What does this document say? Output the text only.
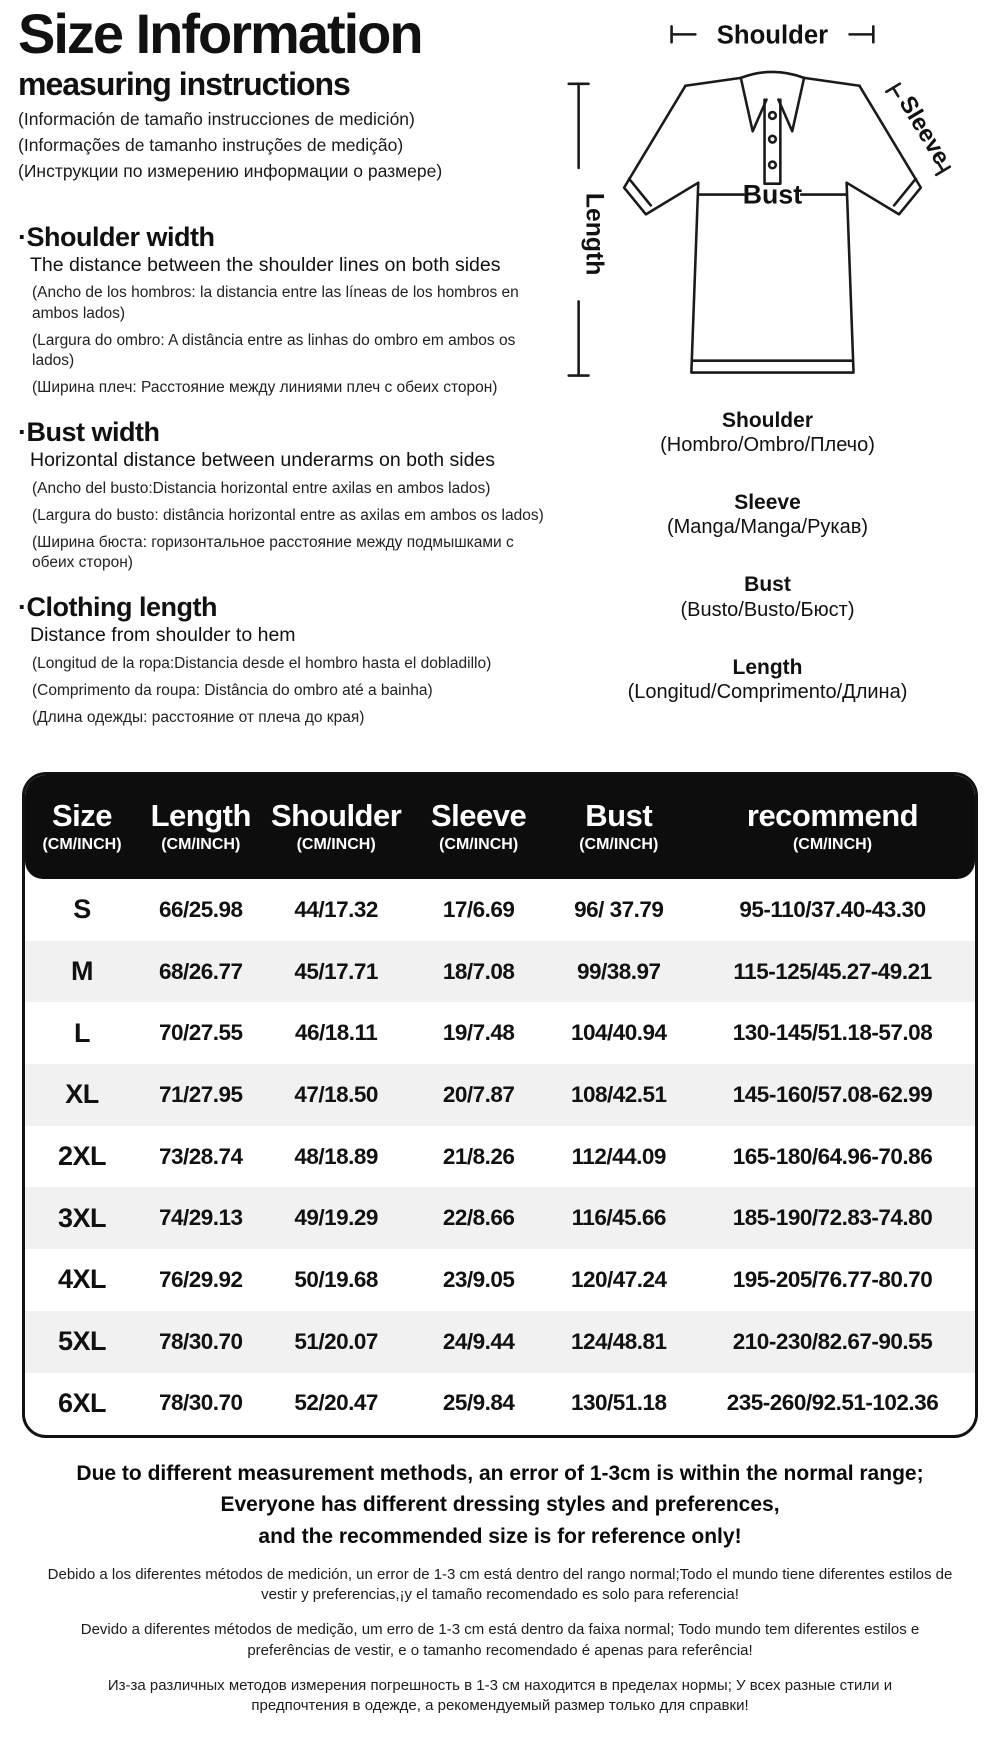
Size Information
measuring instructions

(Información de tamaño instrucciones de medición)

(Informações de tamanho instruções de medição)

(Инструкции по измерению информации о размере)

·Shoulder width
The distance between the shoulder lines on both sides

(Ancho de los hombros: la distancia entre las líneas de los hombros en ambos lados)

(Largura do ombro: A distância entre as linhas do ombro em ambos os lados)

(Ширина плеч: Расстояние между линиями плеч с обеих сторон)

·Bust width
Horizontal distance between underarms on both sides

(Ancho del busto:Distancia horizontal entre axilas en ambos lados)

(Largura do busto: distância horizontal entre as axilas em ambos os lados)

(Ширина бюста: горизонтальное расстояние между подмышками с обеих сторон)

·Clothing length
Distance from shoulder to hem

(Longitud de la ropa:Distancia desde el hombro hasta el dobladillo)

(Comprimento da roupa: Distância do ombro até a bainha)

(Длина одежды: расстояние от плеча до края)

Shoulder
Bust
Sleeve
Length
Shoulder
(Hombro/Ombro/Плечо)
Sleeve
(Manga/Manga/Рукав)
Bust
(Busto/Busto/Бюст)
Length
(Longitud/Comprimento/Длина)
Size
(CM/INCH)
Length
(CM/INCH)
Shoulder
(CM/INCH)
Sleeve
(CM/INCH)
Bust
(CM/INCH)
recommend
(CM/INCH)
S	66/25.98	44/17.32	17/6.69	96/ 37.79	95-110/37.40-43.30
M	68/26.77	45/17.71	18/7.08	99/38.97	115-125/45.27-49.21
L	70/27.55	46/18.11	19/7.48	104/40.94	130-145/51.18-57.08
XL	71/27.95	47/18.50	20/7.87	108/42.51	145-160/57.08-62.99
2XL	73/28.74	48/18.89	21/8.26	112/44.09	165-180/64.96-70.86
3XL	74/29.13	49/19.29	22/8.66	116/45.66	185-190/72.83-74.80
4XL	76/29.92	50/19.68	23/9.05	120/47.24	195-205/76.77-80.70
5XL	78/30.70	51/20.07	24/9.44	124/48.81	210-230/82.67-90.55
6XL	78/30.70	52/20.47	25/9.84	130/51.18	235-260/92.51-102.36

Due to different measurement methods, an error of 1-3cm is within the normal range;

Everyone has different dressing styles and preferences,

and the recommended size is for reference only!

Debido a los diferentes métodos de medición, un error de 1-3 cm está dentro del rango normal;Todo el mundo tiene diferentes estilos de vestir y preferencias,¡y el tamaño recomendado es solo para referencia!
Devido a diferentes métodos de medição, um erro de 1-3 cm está dentro da faixa normal; Todo mundo tem diferentes estilos e preferências de vestir, e o tamanho recomendado é apenas para referência!
Из-за различных методов измерения погрешность в 1-3 см находится в пределах нормы; У всех разные стили и предпочтения в одежде, а рекомендуемый размер только для справки!
